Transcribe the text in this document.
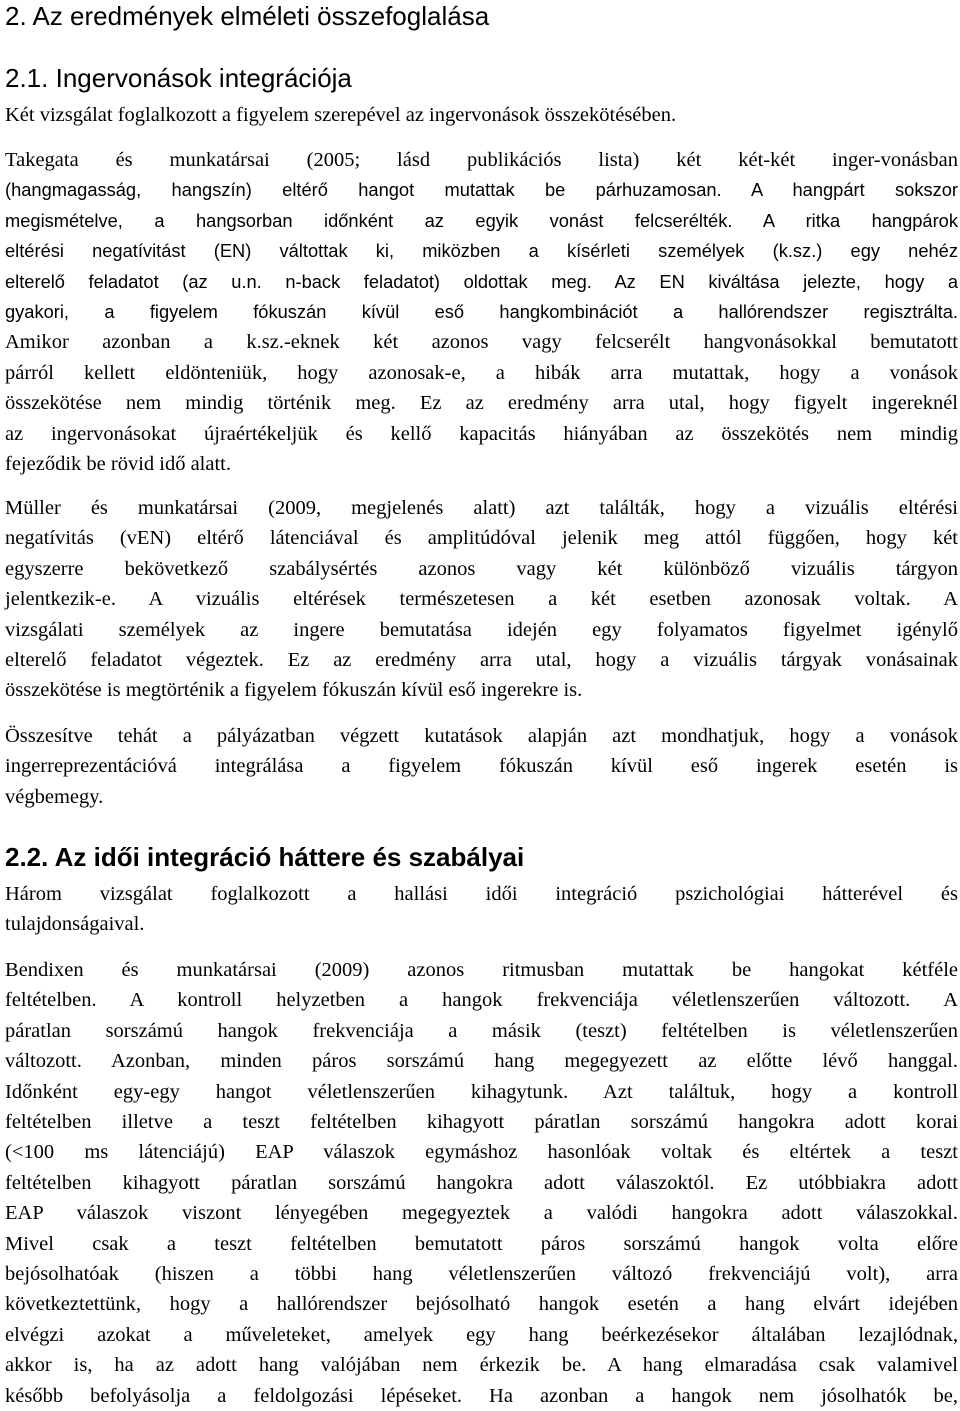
2. Az eredmények elméleti összefoglalása
2.1. Ingervonások integrációja
Két vizsgálat foglalkozott a figyelem szerepével az ingervonások összekötésében.
Takegata és munkatársai (2005; lásd publikációs lista) két két-két inger-vonásban
(hangmagasság, hangszín) eltérő hangot mutattak be párhuzamosan. A hangpárt sokszor
megismételve, a hangsorban időnként az egyik vonást felcserélték. A ritka hangpárok
eltérési negatívitást (EN) váltottak ki, miközben a kísérleti személyek (k.sz.) egy nehéz
elterelő feladatot (az u.n. n-back feladatot) oldottak meg. Az EN kiváltása jelezte, hogy a
gyakori, a figyelem fókuszán kívül eső hangkombinációt a hallórendszer regisztrálta.
Amikor azonban a k.sz.-eknek két azonos vagy felcserélt hangvonásokkal bemutatott
párról kellett eldönteniük, hogy azonosak-e, a hibák arra mutattak, hogy a vonások
összekötése nem mindig történik meg. Ez az eredmény arra utal, hogy figyelt ingereknél
az ingervonásokat újraértékeljük és kellő kapacitás hiányában az összekötés nem mindig
fejeződik be rövid idő alatt.
Müller és munkatársai (2009, megjelenés alatt) azt találták, hogy a vizuális eltérési
negatívitás (vEN) eltérő látenciával és amplitúdóval jelenik meg attól függően, hogy két
egyszerre bekövetkező szabálysértés azonos vagy két különböző vizuális tárgyon
jelentkezik-e. A vizuális eltérések természetesen a két esetben azonosak voltak. A
vizsgálati személyek az ingere bemutatása idején egy folyamatos figyelmet igénylő
elterelő feladatot végeztek. Ez az eredmény arra utal, hogy a vizuális tárgyak vonásainak
összekötése is megtörténik a figyelem fókuszán kívül eső ingerekre is.
Összesítve tehát a pályázatban végzett kutatások alapján azt mondhatjuk, hogy a vonások
ingerreprezentációvá integrálása a figyelem fókuszán kívül eső ingerek esetén is
végbemegy.
2.2. Az idői integráció háttere és szabályai
Három vizsgálat foglalkozott a hallási idői integráció pszichológiai hátterével és
tulajdonságaival.
Bendixen és munkatársai (2009) azonos ritmusban mutattak be hangokat kétféle
feltételben. A kontroll helyzetben a hangok frekvenciája véletlenszerűen változott. A
páratlan sorszámú hangok frekvenciája a másik (teszt) feltételben is véletlenszerűen
változott. Azonban, minden páros sorszámú hang megegyezett az előtte lévő hanggal.
Időnként egy-egy hangot véletlenszerűen kihagytunk. Azt találtuk, hogy a kontroll
feltételben illetve a teszt feltételben kihagyott páratlan sorszámú hangokra adott korai
(<100 ms látenciájú) EAP válaszok egymáshoz hasonlóak voltak és eltértek a teszt
feltételben kihagyott páratlan sorszámú hangokra adott válaszoktól. Ez utóbbiakra adott
EAP válaszok viszont lényegében megegyeztek a valódi hangokra adott válaszokkal.
Mivel csak a teszt feltételben bemutatott páros sorszámú hangok volta előre
bejósolhatóak (hiszen a többi hang véletlenszerűen változó frekvenciájú volt), arra
következtettünk, hogy a hallórendszer bejósolható hangok esetén a hang elvárt idejében
elvégzi azokat a műveleteket, amelyek egy hang beérkezésekor általában lezajlódnak,
akkor is, ha az adott hang valójában nem érkezik be. A hang elmaradása csak valamivel
később befolyásolja a feldolgozási lépéseket. Ha azonban a hangok nem jósolhatók be,
